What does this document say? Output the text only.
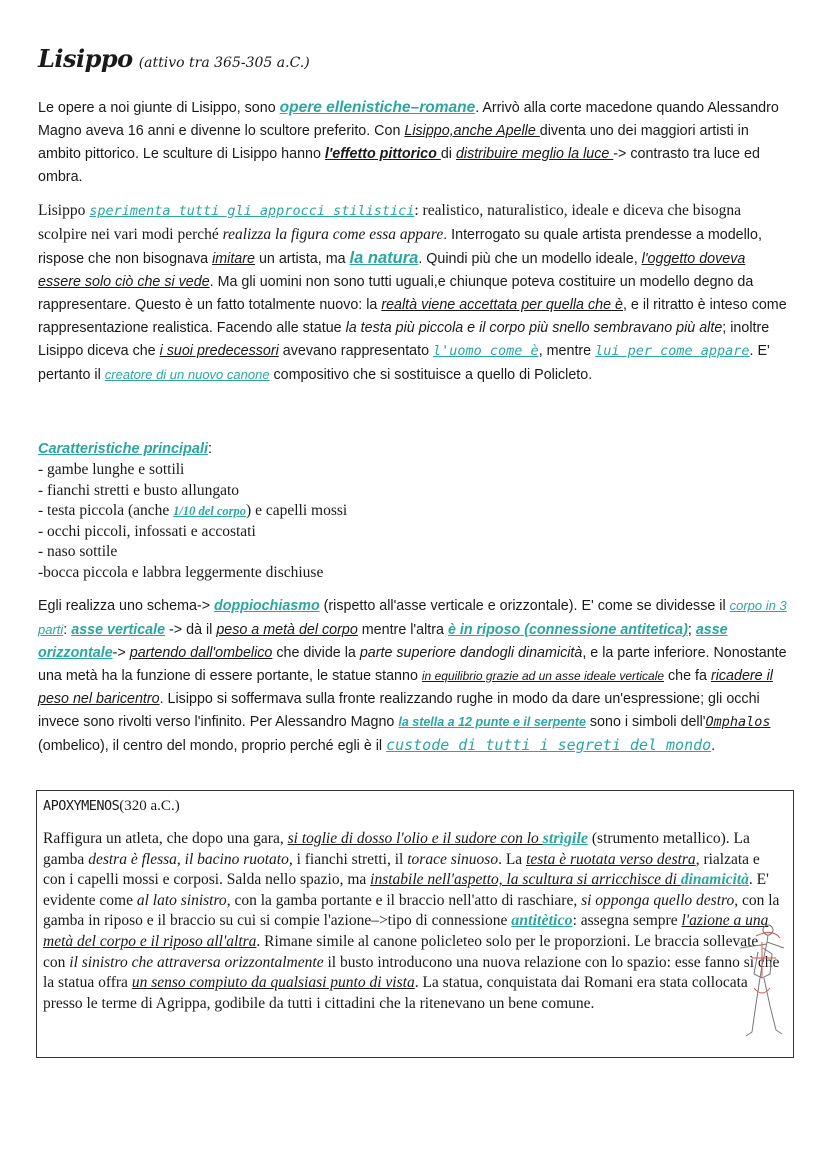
Lisippo (attivo tra 365-305 a.C.)

Le opere a noi giunte di Lisippo, sono opere ellenistiche–romane. Arrivò alla corte macedone quando Alessandro Magno aveva 16 anni e divenne lo scultore preferito. Con Lisippo,anche Apelle diventa uno dei maggiori artisti in ambito pittorico. Le sculture di Lisippo hanno l'effetto pittorico di distribuire meglio la luce -> contrasto tra luce ed ombra.

Lisippo sperimenta tutti gli approcci stilistici: realistico, naturalistico, ideale e diceva che bisogna scolpire nei vari modi perché realizza la figura come essa appare. Interrogato su quale artista prendesse a modello, rispose che non bisognava imitare un artista, ma la natura. Quindi più che un modello ideale, l'oggetto doveva essere solo ciò che si vede. Ma gli uomini non sono tutti uguali,e chiunque poteva costituire un modello degno da rappresentare. Questo è un fatto totalmente nuovo: la realtà viene accettata per quella che è, e il ritratto è inteso come rappresentazione realistica. Facendo alle statue la testa più piccola e il corpo più snello sembravano più alte; inoltre Lisippo diceva che i suoi predecessori avevano rappresentato l'uomo come è, mentre lui per come appare. E' pertanto il creatore di un nuovo canone compositivo che si sostituisce a quello di Policleto.

Caratteristiche principali:
- gambe lunghe e sottili
- fianchi stretti e busto allungato
- testa piccola (anche 1/10 del corpo) e capelli mossi
- occhi piccoli, infossati e accostati
- naso sottile
-bocca piccola e labbra leggermente dischiuse

Egli realizza uno schema-> doppiochiasmo (rispetto all'asse verticale e orizzontale). E' come se dividesse il corpo in 3 parti: asse verticale -> dà il peso a metà del corpo mentre l'altra è in riposo (connessione antitetica); asse orizzontale-> partendo dall'ombelico che divide la parte superiore dandogli dinamicità, e la parte inferiore. Nonostante una metà ha la funzione di essere portante, le statue stanno in equilibrio grazie ad un asse ideale verticale che fa ricadere il peso nel baricentro. Lisippo si soffermava sulla fronte realizzando rughe in modo da dare un'espressione; gli occhi invece sono rivolti verso l'infinito. Per Alessandro Magno la stella a 12 punte e il serpente sono i simboli dell'Omphalos (ombelico), il centro del mondo, proprio perché egli è il custode di tutti i segreti del mondo.

APOXYMENOS(320 a.C.)

Raffigura un atleta, che dopo una gara, si toglie di dosso l'olio e il sudore con lo strìgile (strumento metallico). La gamba destra è flessa, il bacino ruotato, i fianchi stretti, il torace sinuoso. La testa è ruotata verso destra, rialzata e con i capelli mossi e corposi. Salda nello spazio, ma instabile nell'aspetto, la scultura si arricchisce di dinamicità. E' evidente come al lato sinistro, con la gamba portante e il braccio nell'atto di raschiare, si opponga quello destro, con la gamba in riposo e il braccio su cui si compie l'azione–>tipo di connessione antitètico: assegna sempre l'azione a una metà del corpo e il riposo all'altra. Rimane simile al canone policleteo solo per le proporzioni. Le braccia sollevate con il sinistro che attraversa orizzontalmente il busto introducono una nuova relazione con lo spazio: esse fanno sì che la statua offra un senso compiuto da qualsiasi punto di vista. La statua, conquistata dai Romani era stata collocata presso le terme di Agrippa, godibile da tutti i cittadini che la ritenevano un bene comune.
